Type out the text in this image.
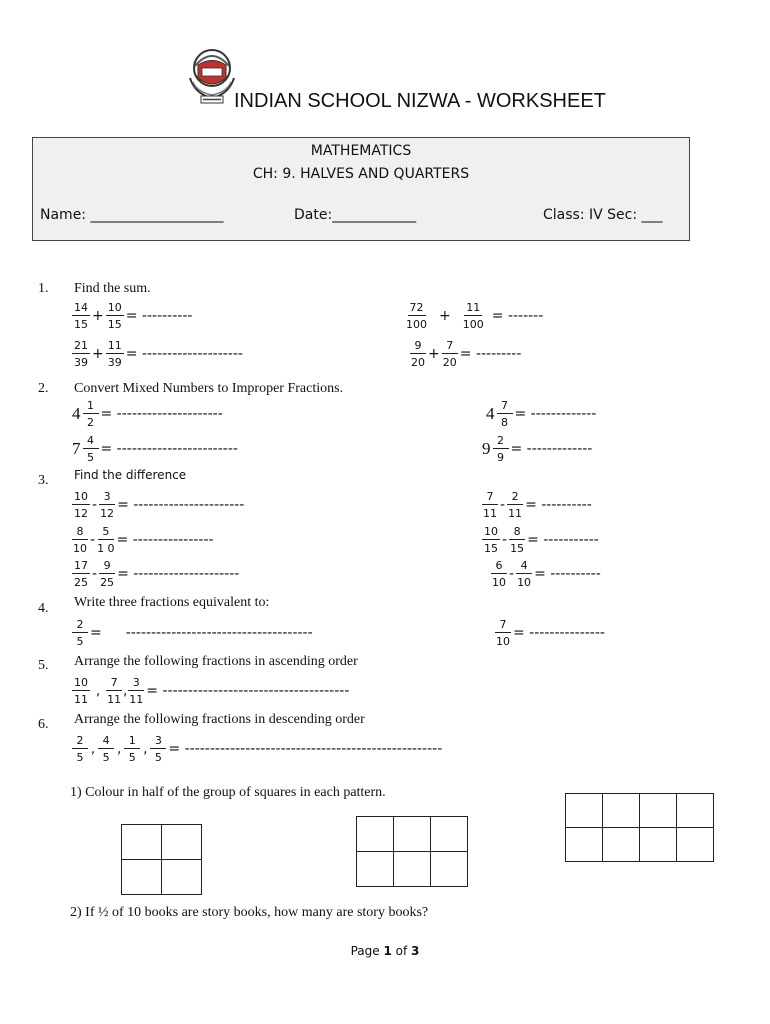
INDIAN SCHOOL NIZWA - WORKSHEET
MATHEMATICS
CH: 9. HALVES AND QUARTERS
Name: ___________________	Date:____________	Class: IV Sec: ___
1. Find the sum.
$\frac{14}{15} + \frac{10}{15}$ = ----------	$\frac{72}{100}$ +	$\frac{11}{100}$ = -------
$\frac{21}{39} + \frac{11}{39}$ = --------------------	$\frac{9}{20} + \frac{7}{20}$ = ---------
2. Convert Mixed Numbers to Improper Fractions.
$4 \frac{1}{2}$ = ---------------------	$4 \frac{7}{8}$ = -------------
$7 \frac{4}{5}$ = ------------------------	$9 \frac{2}{9}$ = -------------
3. Find the difference
$\frac{10}{12} - \frac{3}{12}$ = ----------------------	$\frac{7}{11} - \frac{2}{11}$ = ----------
$\frac{8}{10} - \frac{5}{1 0}$ = ----------------	$\frac{10}{15} - \frac{8}{15}$ = -----------
$\frac{17}{25} - \frac{9}{25}$ = ---------------------	$\frac{6}{10} - \frac{4}{10}$ = ----------
4. Write three fractions equivalent to:
$\frac{2}{5}$ =	-------------------------------------	$\frac{7}{10}$ = ---------------
5. Arrange the following fractions in ascending order
$\frac{10}{11}$ , $\frac{7}{11}$ , $\frac{3}{11}$ = -------------------------------------
6. Arrange the following fractions in descending order
$\frac{2}{5}$ , $\frac{4}{5}$ , $\frac{1}{5}$ , $\frac{3}{5}$ = ---------------------------------------------------
1) Colour in half of the group of squares in each pattern.
2) If ½ of 10 books are story books, how many are story books?
Page 1 of 3
